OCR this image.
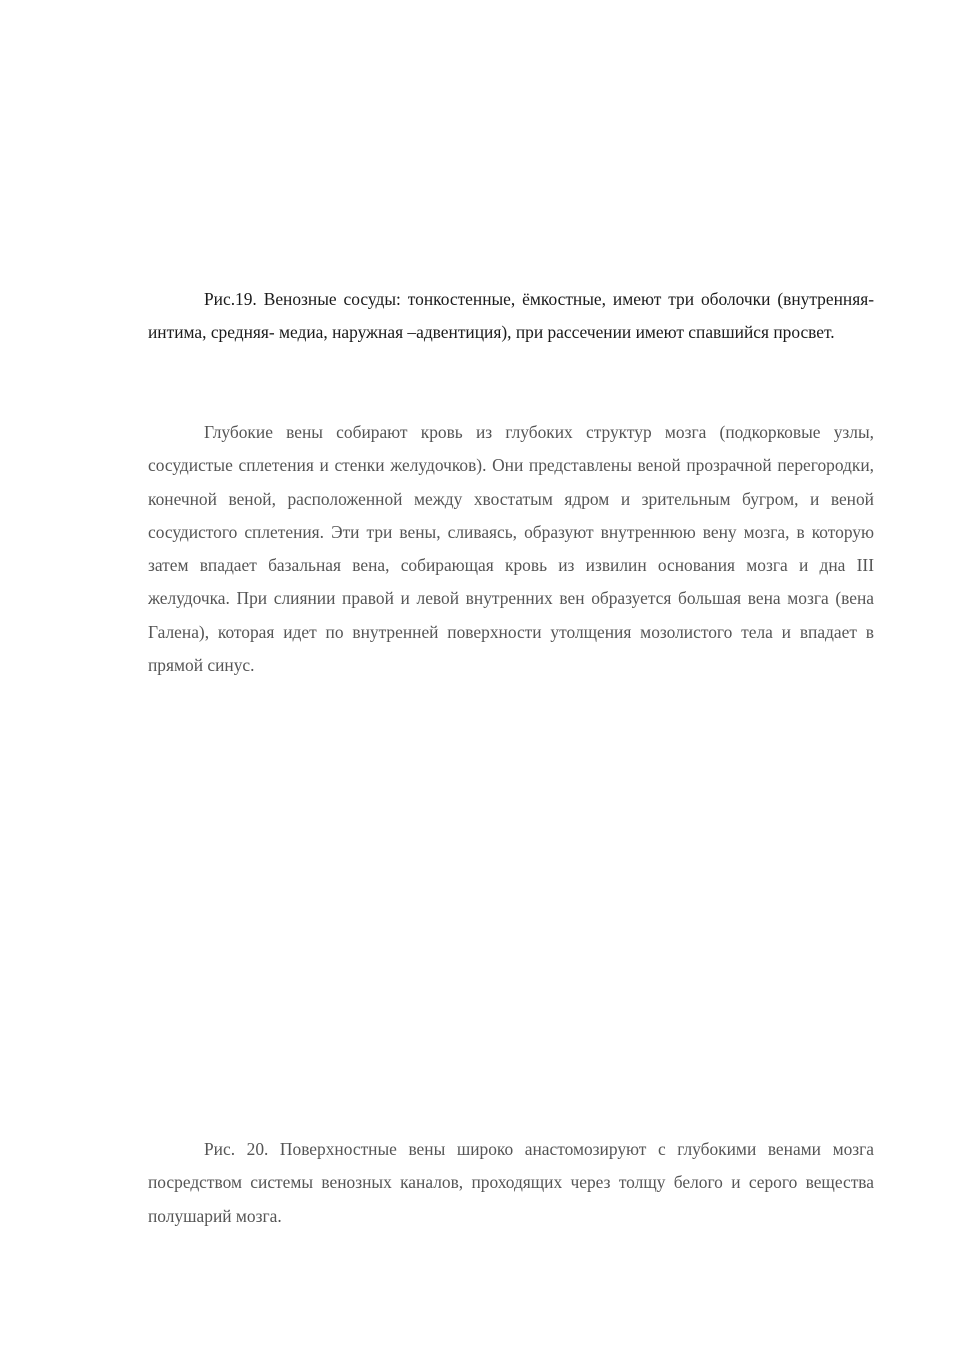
Рис.19. Венозные сосуды: тонкостенные, ёмкостные, имеют три оболочки (внутренняя-интима, средняя- медиа, наружная –адвентиция), при рассечении имеют спавшийся просвет.

Глубокие вены собирают кровь из глубоких структур мозга (подкорковые узлы, сосудистые сплетения и стенки желудочков). Они представлены веной прозрачной перегородки, конечной веной, расположенной между хвостатым ядром и зрительным бугром, и веной сосудистого сплетения. Эти три вены, сливаясь, образуют внутреннюю вену мозга, в которую затем впадает базальная вена, собирающая кровь из извилин основания мозга и дна III желудочка. При слиянии правой и левой внутренних вен образуется большая вена мозга (вена Галена), которая идет по внутренней поверхности утолщения мозолистого тела и впадает в прямой синус.

Рис. 20. Поверхностные вены широко анастомозируют с глубокими венами мозга посредством системы венозных каналов, проходящих через толщу белого и серого вещества полушарий мозга.
